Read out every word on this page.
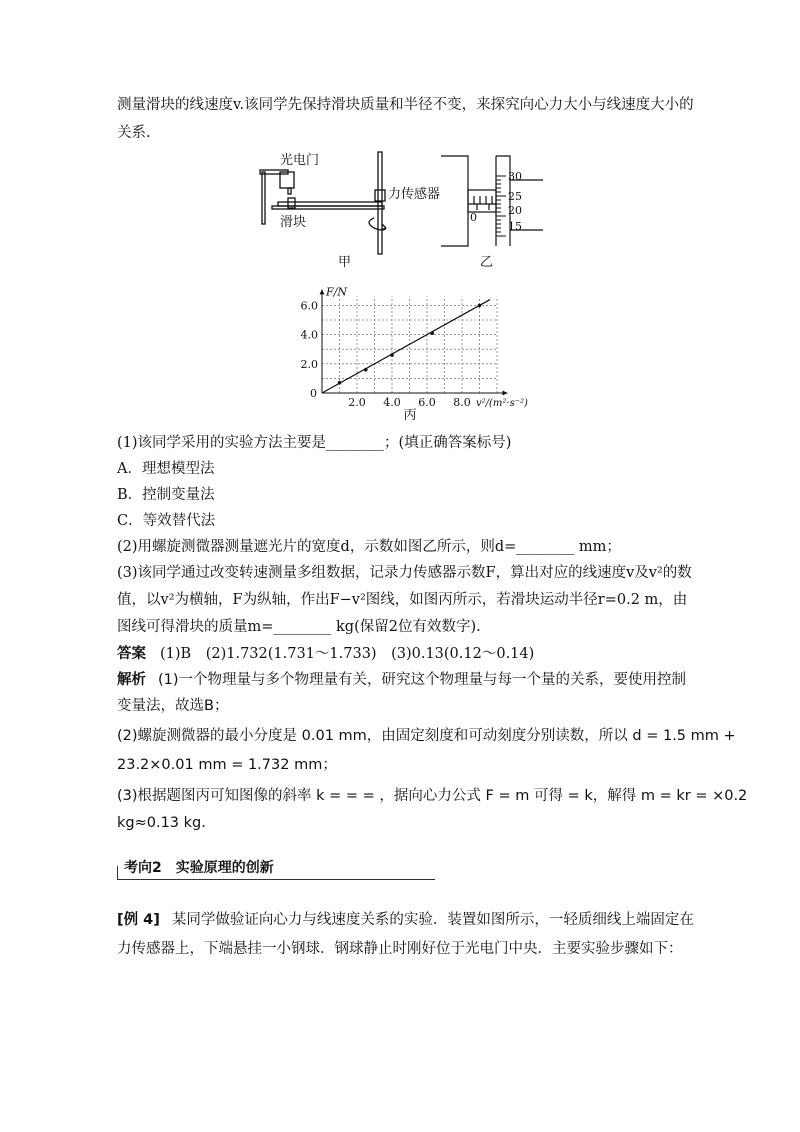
测量滑块的线速度v.该同学先保持滑块质量和半径不变，来探究向心力大小与线速度大小的
关系.
光电门
力传感器
滑块
甲
30
25
20
15
0
乙
2.0 4.0 6.0 8.0
2.0
4.0
6.0
F/N
v²/(m²·s⁻²)
0
丙
(1)该同学采用的实验方法主要是________；(填正确答案标号)
A．理想模型法
B．控制变量法
C．等效替代法
(2)用螺旋测微器测量遮光片的宽度d，示数如图乙所示，则d=________ mm；
(3)该同学通过改变转速测量多组数据，记录力传感器示数F，算出对应的线速度v及v²的数
值，以v²为横轴，F为纵轴，作出F−v²图线，如图丙所示，若滑块运动半径r=0.2 m，由
图线可得滑块的质量m=________ kg(保留2位有效数字).
答案 (1)B　(2)1.732(1.731～1.733)　(3)0.13(0.12～0.14)
解析 (1)一个物理量与多个物理量有关，研究这个物理量与每一个量的关系，要使用控制
变量法，故选B；
(2)螺旋测微器的最小分度是 0.01 mm，由固定刻度和可动刻度分别读数，所以 d = 1.5 mm +
23.2×0.01 mm = 1.732 mm；
(3)根据题图丙可知图像的斜率 k = = = ，据向心力公式 F = m 可得 = k，解得 m = kr = ×0.2
kg≈0.13 kg.
考向2　实验原理的创新
[例 4] 某同学做验证向心力与线速度关系的实验．装置如图所示，一轻质细线上端固定在
力传感器上，下端悬挂一小钢球．钢球静止时刚好位于光电门中央．主要实验步骤如下：
